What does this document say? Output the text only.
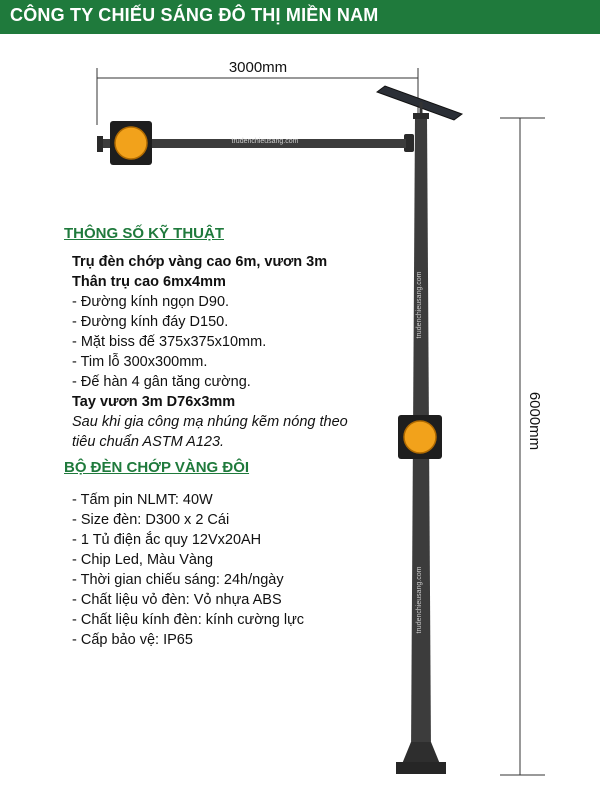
CÔNG TY CHIẾU SÁNG ĐÔ THỊ MIỀN NAM
3000mm
6000mm
trudenchieusang.com
trudenchieusang.com
trudenchieusang.com
THÔNG SỐ KỸ THUẬT
Trụ đèn chớp vàng cao 6m, vươn 3m
Thân trụ cao 6mx4mm
- Đường kính ngọn D90.
- Đường kính đáy D150.
- Mặt biss đế 375x375x10mm.
- Tim lỗ 300x300mm.
- Đế hàn 4 gân tăng cường.
Tay vươn 3m D76x3mm
Sau khi gia công mạ nhúng kẽm nóng theo tiêu chuẩn ASTM A123.
BỘ ĐÈN CHỚP VÀNG ĐÔI
- Tấm pin NLMT: 40W
- Size đèn: D300 x 2 Cái
- 1 Tủ điện ắc quy 12Vx20AH
- Chip Led, Màu Vàng
- Thời gian chiếu sáng: 24h/ngày
- Chất liệu vỏ đèn: Vỏ nhựa ABS
- Chất liệu kính đèn: kính cường lực
- Cấp bảo vệ: IP65
